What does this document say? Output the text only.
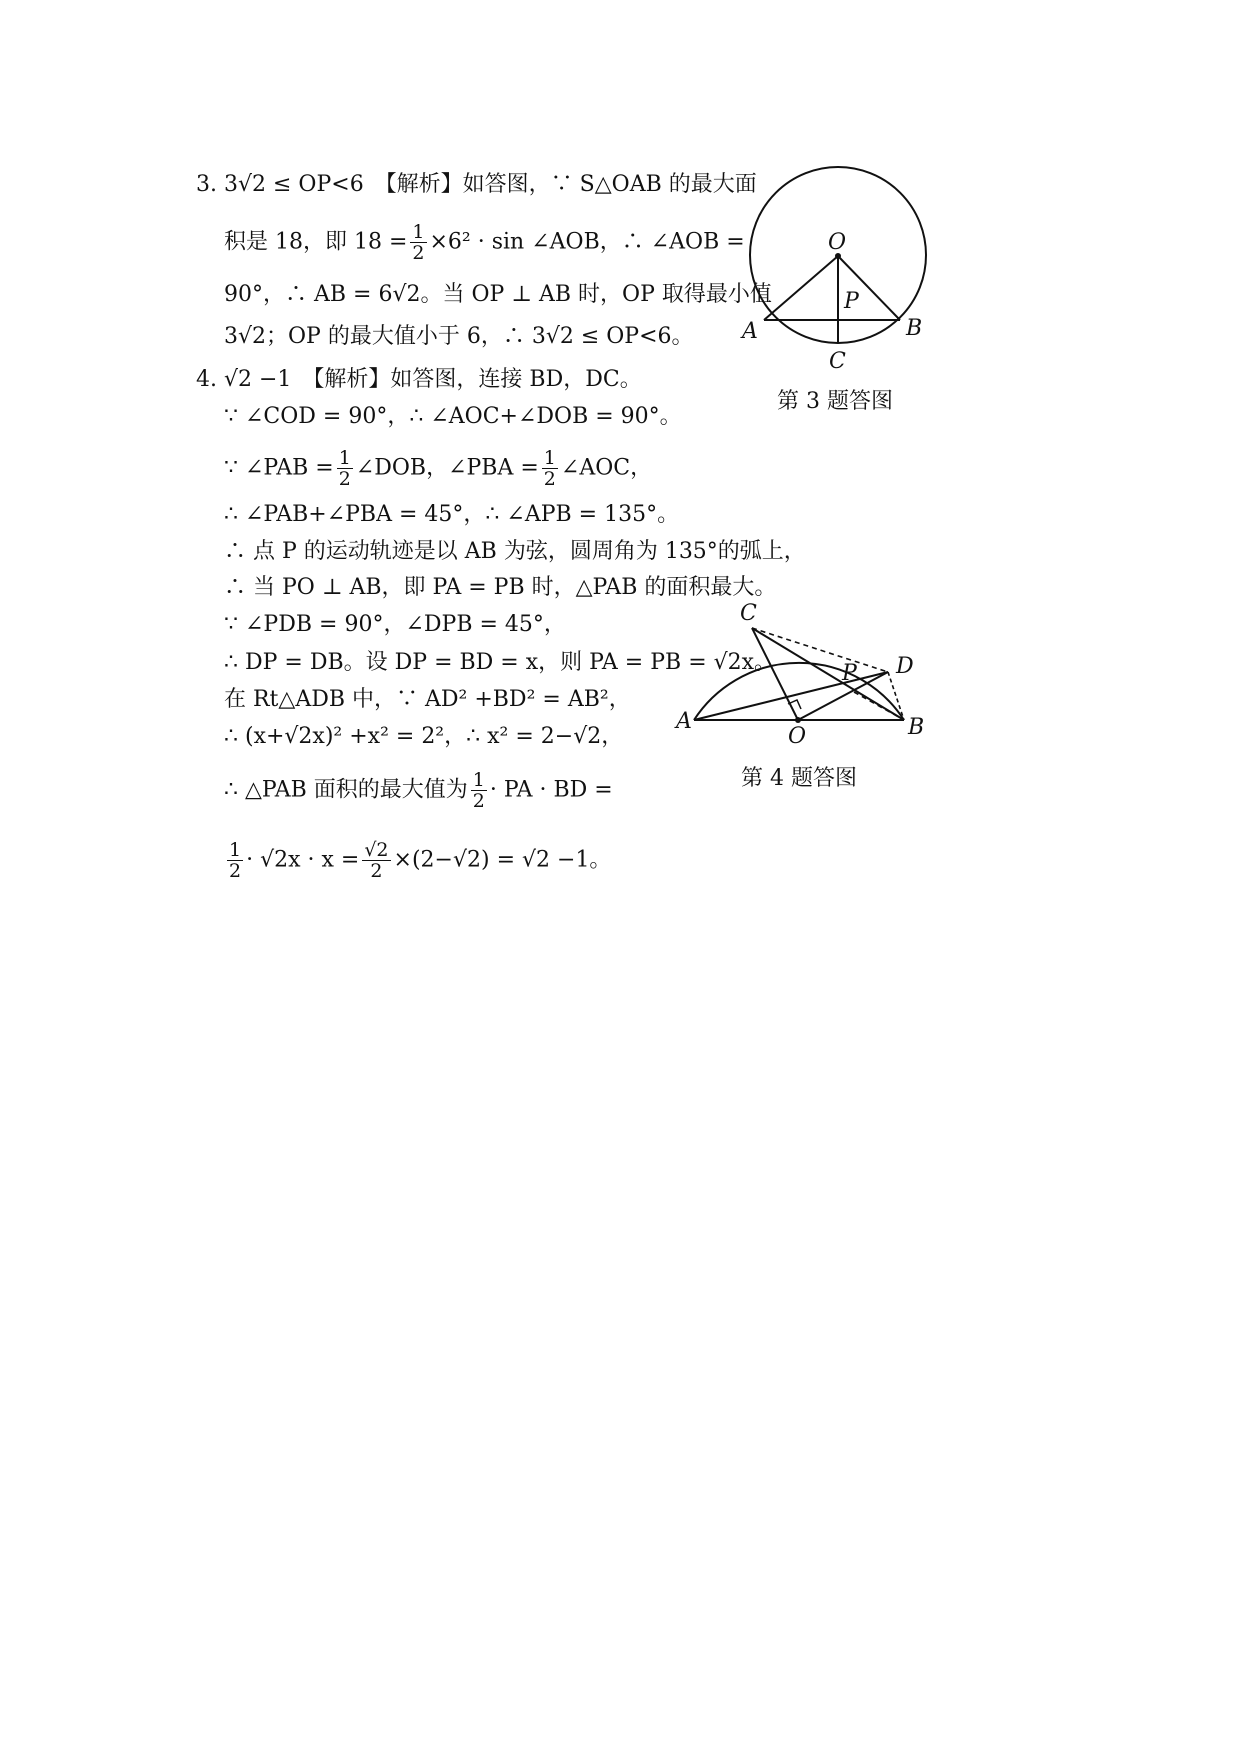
3. 3√2 ≤ OP<6　【解析】如答图，∵ S△OAB 的最大面
积是 18，即 $18 = \frac{1}{2} \times 6^2 \cdot \sin$ ∠AOB，∴ ∠AOB =
90°，∴ AB = 6√2。当 OP ⊥ AB 时，OP 取得最小值
3√2；OP 的最大值小于 6，∴ 3√2 ≤ OP<6。
O
P
A	B
C
第 3 题答图
4. √2 −1　【解析】如答图，连接 BD，DC。
∵ ∠COD = 90°，∴ ∠AOC+∠DOB = 90°。
∵ ∠PAB = $\frac{1}{2}$ ∠DOB，∠PBA = $\frac{1}{2}$ ∠AOC，
∴ ∠PAB+∠PBA = 45°，∴ ∠APB = 135°。
∴ 点 P 的运动轨迹是以 AB 为弦，圆周角为 135°的弧上，
∴ 当 PO ⊥ AB，即 PA = PB 时，△PAB 的面积最大。
∵ ∠PDB = 90°，∠DPB = 45°，
∴ DP = DB。设 DP = BD = x，则 PA = PB = √2x。
在 Rt△ADB 中，∵ AD² +BD² = AB²，
∴ (x+√2x)² +x² = 2²，∴ x² = 2−√2，
∴ △PAB 面积的最大值为 $\frac{1}{2}$ · PA · BD =
$\frac{1}{2} \cdot √2x \cdot x = \frac{√2}{2} \times(2-√2) = √2 -1$。
C
P D
A
O	B
第 4 题答图
